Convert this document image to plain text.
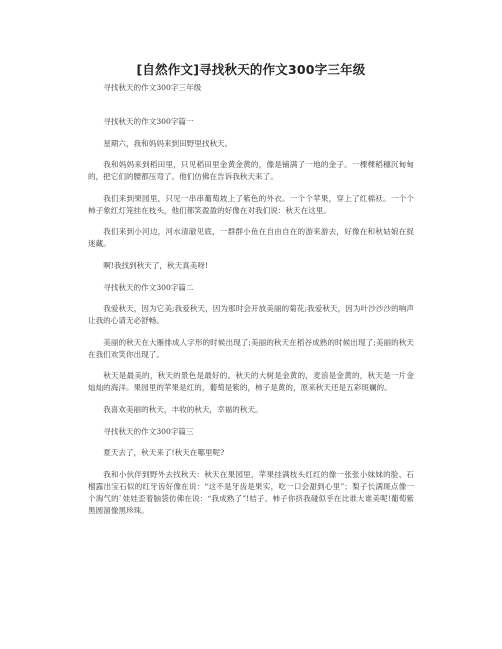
[自然作文]寻找秋天的作文300字三年级

寻找秋天的作文300字三年级

寻找秋天的作文300字篇一

星期六，我和妈妈来到田野里找秋天。

我和妈妈来到稻田里，只见稻田里金黄金黄的，像是铺满了一地的金子。一棵棵稻穗沉甸甸的，把它们的腰都压弯了。他们仿佛在告诉我秋天来了。

我们来到果园里，只见一串串葡萄坡上了紫色的外衣。一个个苹果，穿上了红棉袄。一个个柿子象红灯笼挂在枝头，他们都笑盈盈的好像在对我们说：秋天在这里。

我们来到小河边，河水清澈见底，一群群小鱼在自由自在的游来游去，好像在和秋姑娘在捉迷藏。

啊!我找到秋天了，秋天真美呀!

寻找秋天的作文300字篇二

我爱秋天，因为它美;我爱秋天，因为那时会开放美丽的菊花;我爱秋天，因为叶沙沙沙的响声让我的心请无必舒畅。

美丽的秋天在大雁排成人字形的时候出现了;美丽的秋天在稻谷成熟的时候出现了;美丽的秋天在我们欢笑你出现了。

秋天是最美的，秋天的景色是最好的。秋天的大树是金黄的，麦浪是金黄的，秋天是一片金灿灿的海洋。果园里的苹果是红的，葡萄是紫的，柿子是黄的，原来秋天还是五彩斑斓的。

我喜欢美丽的秋天，丰收的秋天，幸福的秋天。

寻找秋天的作文300字篇三

夏天去了，秋天来了!秋天在哪里呢?

我和小伙伴到野外去找秋天：秋天在果园里，苹果挂满枝头红红的像一张张小妹妹的脸、石榴露出宝石似的红牙齿好像在说：“这不是牙齿是果实，吃一口会甜到心里”；梨子长满斑点像一个淘气的`娃娃歪着脑袋仿佛在说：“我成熟了”!桔子、柿子你挤我碰似乎在比谁大谁美呢!葡萄紫黑圆溜像黑珍珠。
